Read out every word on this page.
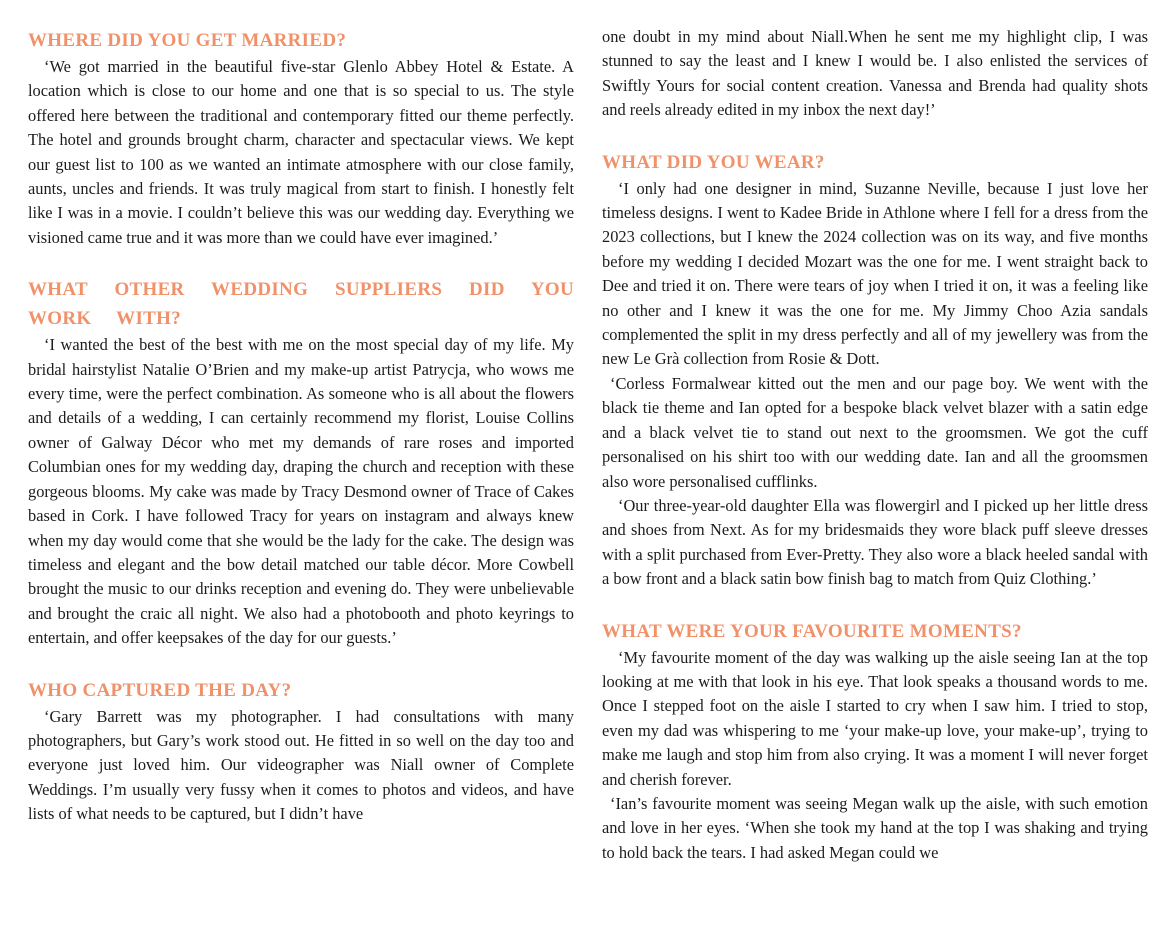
WHERE DID YOU GET MARRIED?

‘We got married in the beautiful five-star Glenlo Abbey Hotel & Estate. A location which is close to our home and one that is so special to us. The style offered here between the traditional and contemporary fitted our theme perfectly. The hotel and grounds brought charm, character and spectacular views. We kept our guest list to 100 as we wanted an intimate atmosphere with our close family, aunts, uncles and friends. It was truly magical from start to finish. I honestly felt like I was in a movie. I couldn’t believe this was our wedding day. Everything we visioned came true and it was more than we could have ever imagined.’

WHAT OTHER WEDDING SUPPLIERS DID YOU WORK WITH?

‘I wanted the best of the best with me on the most special day of my life. My bridal hairstylist Natalie O’Brien and my make-up artist Patrycja, who wows me every time, were the perfect combination. As someone who is all about the flowers and details of a wedding, I can certainly recommend my florist, Louise Collins owner of Galway Décor who met my demands of rare roses and imported Columbian ones for my wedding day, draping the church and reception with these gorgeous blooms. My cake was made by Tracy Desmond owner of Trace of Cakes based in Cork. I have followed Tracy for years on instagram and always knew when my day would come that she would be the lady for the cake. The design was timeless and elegant and the bow detail matched our table décor. More Cowbell brought the music to our drinks reception and evening do. They were unbelievable and brought the craic all night. We also had a photobooth and photo keyrings to entertain, and offer keepsakes of the day for our guests.’

WHO CAPTURED THE DAY?

‘Gary Barrett was my photographer. I had consultations with many photographers, but Gary’s work stood out. He fitted in so well on the day too and everyone just loved him. Our videographer was Niall owner of Complete Weddings. I’m usually very fussy when it comes to photos and videos, and have lists of what needs to be captured, but I didn’t have

one doubt in my mind about Niall.When he sent me my highlight clip, I was stunned to say the least and I knew I would be. I also enlisted the services of Swiftly Yours for social content creation. Vanessa and Brenda had quality shots and reels already edited in my inbox the next day!’

WHAT DID YOU WEAR?

‘I only had one designer in mind, Suzanne Neville, because I just love her timeless designs. I went to Kadee Bride in Athlone where I fell for a dress from the 2023 collections, but I knew the 2024 collection was on its way, and five months before my wedding I decided Mozart was the one for me. I went straight back to Dee and tried it on. There were tears of joy when I tried it on, it was a feeling like no other and I knew it was the one for me. My Jimmy Choo Azia sandals complemented the split in my dress perfectly and all of my jewellery was from the new Le Grà collection from Rosie & Dott.

‘Corless Formalwear kitted out the men and our page boy. We went with the black tie theme and Ian opted for a bespoke black velvet blazer with a satin edge and a black velvet tie to stand out next to the groomsmen. We got the cuff personalised on his shirt too with our wedding date. Ian and all the groomsmen also wore personalised cufflinks.

‘Our three-year-old daughter Ella was flowergirl and I picked up her little dress and shoes from Next. As for my bridesmaids they wore black puff sleeve dresses with a split purchased from Ever-Pretty. They also wore a black heeled sandal with a bow front and a black satin bow finish bag to match from Quiz Clothing.’

WHAT WERE YOUR FAVOURITE MOMENTS?

‘My favourite moment of the day was walking up the aisle seeing Ian at the top looking at me with that look in his eye. That look speaks a thousand words to me. Once I stepped foot on the aisle I started to cry when I saw him. I tried to stop, even my dad was whispering to me ‘your make-up love, your make-up’, trying to make me laugh and stop him from also crying. It was a moment I will never forget and cherish forever.

‘Ian’s favourite moment was seeing Megan walk up the aisle, with such emotion and love in her eyes. ‘When she took my hand at the top I was shaking and trying to hold back the tears. I had asked Megan could we
